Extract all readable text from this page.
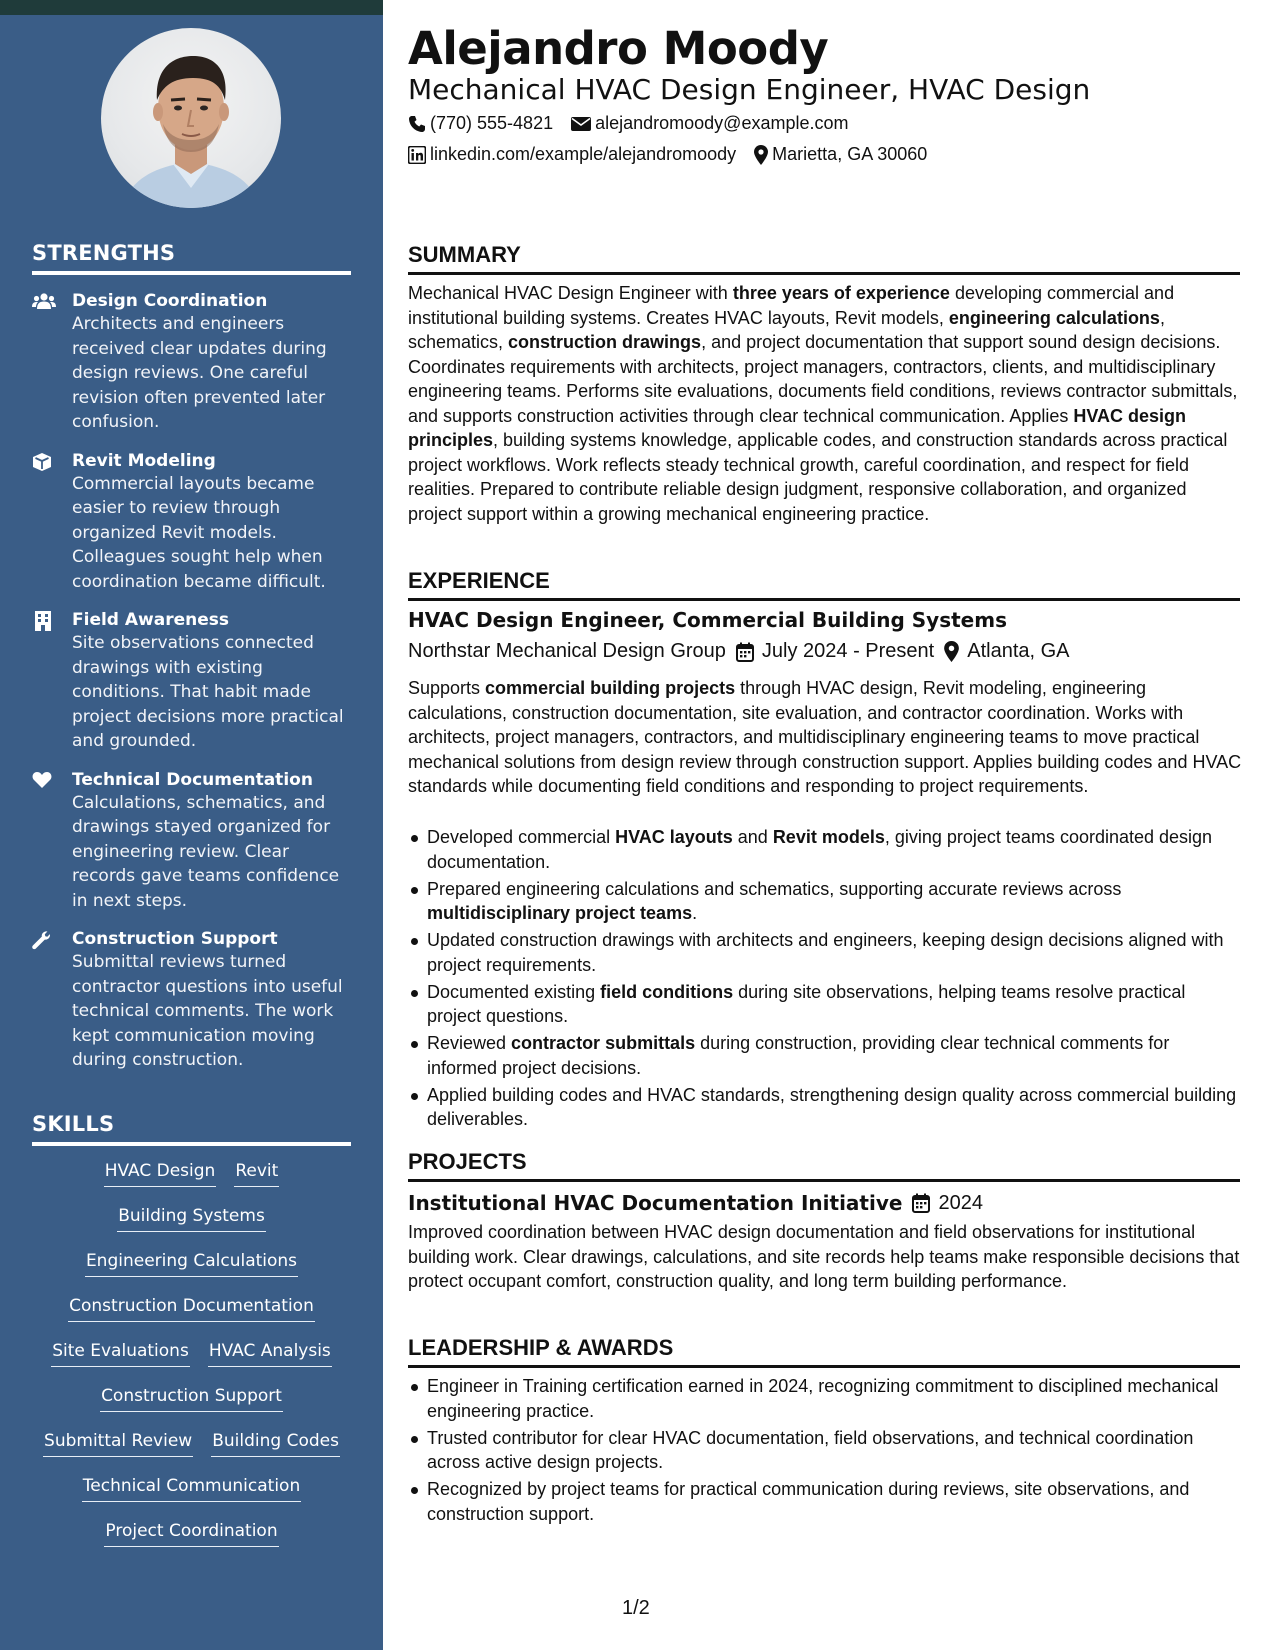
STRENGTHS
Design Coordination
Architects and engineers received clear updates during design reviews. One careful revision often prevented later confusion.
Revit Modeling
Commercial layouts became easier to review through organized Revit models. Colleagues sought help when coordination became difficult.
Field Awareness
Site observations connected drawings with existing conditions. That habit made project decisions more practical and grounded.
Technical Documentation
Calculations, schematics, and drawings stayed organized for engineering review. Clear records gave teams confidence in next steps.
Construction Support
Submittal reviews turned contractor questions into useful technical comments. The work kept communication moving during construction.
SKILLS
HVAC Design Revit
Building Systems
Engineering Calculations
Construction Documentation
Site Evaluations HVAC Analysis
Construction Support
Submittal Review Building Codes
Technical Communication
Project Coordination
Alejandro Moody
Mechanical HVAC Design Engineer, HVAC Design
(770) 555-4821 alejandromoody@example.com
linkedin.com/example/alejandromoody Marietta, GA 30060
SUMMARY
Mechanical HVAC Design Engineer with three years of experience developing commercial and institutional building systems. Creates HVAC layouts, Revit models, engineering calculations, schematics, construction drawings, and project documentation that support sound design decisions. Coordinates requirements with architects, project managers, contractors, clients, and multidisciplinary engineering teams. Performs site evaluations, documents field conditions, reviews contractor submittals, and supports construction activities through clear technical communication. Applies HVAC design principles, building systems knowledge, applicable codes, and construction standards across practical project workflows. Work reflects steady technical growth, careful coordination, and respect for field realities. Prepared to contribute reliable design judgment, responsive collaboration, and organized project support within a growing mechanical engineering practice.
EXPERIENCE
HVAC Design Engineer, Commercial Building Systems
Northstar Mechanical Design Group July 2024 - Present Atlanta, GA
Supports commercial building projects through HVAC design, Revit modeling, engineering calculations, construction documentation, site evaluation, and contractor coordination. Works with architects, project managers, contractors, and multidisciplinary engineering teams to move practical mechanical solutions from design review through construction support. Applies building codes and HVAC standards while documenting field conditions and responding to project requirements.
Developed commercial HVAC layouts and Revit models, giving project teams coordinated design documentation.
Prepared engineering calculations and schematics, supporting accurate reviews across multidisciplinary project teams.
Updated construction drawings with architects and engineers, keeping design decisions aligned with project requirements.
Documented existing field conditions during site observations, helping teams resolve practical project questions.
Reviewed contractor submittals during construction, providing clear technical comments for informed project decisions.
Applied building codes and HVAC standards, strengthening design quality across commercial building deliverables.
PROJECTS
Institutional HVAC Documentation Initiative 2024
Improved coordination between HVAC design documentation and field observations for institutional building work. Clear drawings, calculations, and site records help teams make responsible decisions that protect occupant comfort, construction quality, and long term building performance.
LEADERSHIP & AWARDS
Engineer in Training certification earned in 2024, recognizing commitment to disciplined mechanical engineering practice.
Trusted contributor for clear HVAC documentation, field observations, and technical coordination across active design projects.
Recognized by project teams for practical communication during reviews, site observations, and construction support.
1/2
